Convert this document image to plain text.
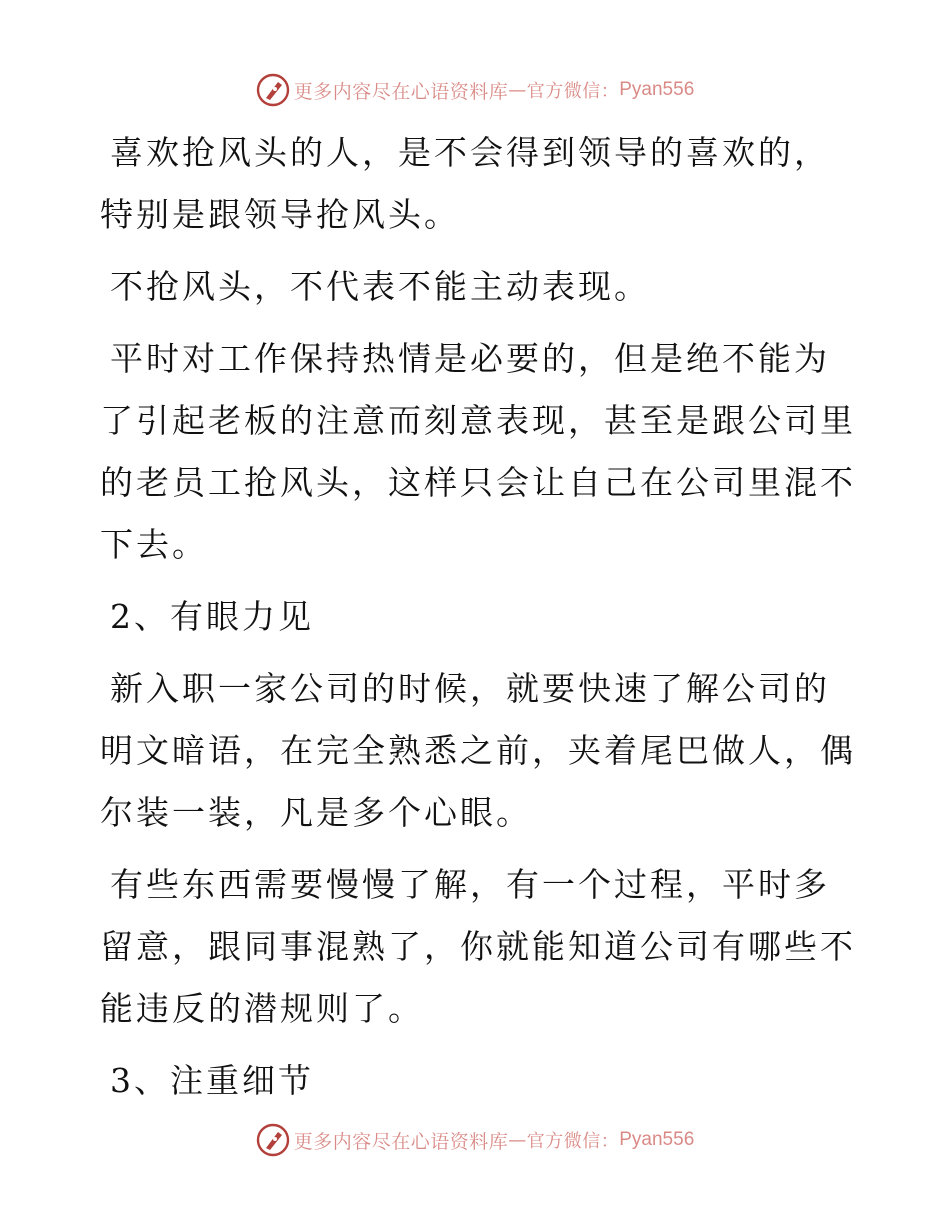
更多内容尽在心语资料库 — 官方微信： Pyan556

喜欢抢风头的人，是不会得到领导的喜欢的，特别是跟领导抢风头。

不抢风头，不代表不能主动表现。

平时对工作保持热情是必要的，但是绝不能为了引起老板的注意而刻意表现，甚至是跟公司里的老员工抢风头，这样只会让自己在公司里混不下去。

2、有眼力见

新入职一家公司的时候，就要快速了解公司的明文暗语，在完全熟悉之前，夹着尾巴做人，偶尔装一装，凡是多个心眼。

有些东西需要慢慢了解，有一个过程，平时多留意，跟同事混熟了，你就能知道公司有哪些不能违反的潜规则了。

3、注重细节

更多内容尽在心语资料库 — 官方微信： Pyan556
